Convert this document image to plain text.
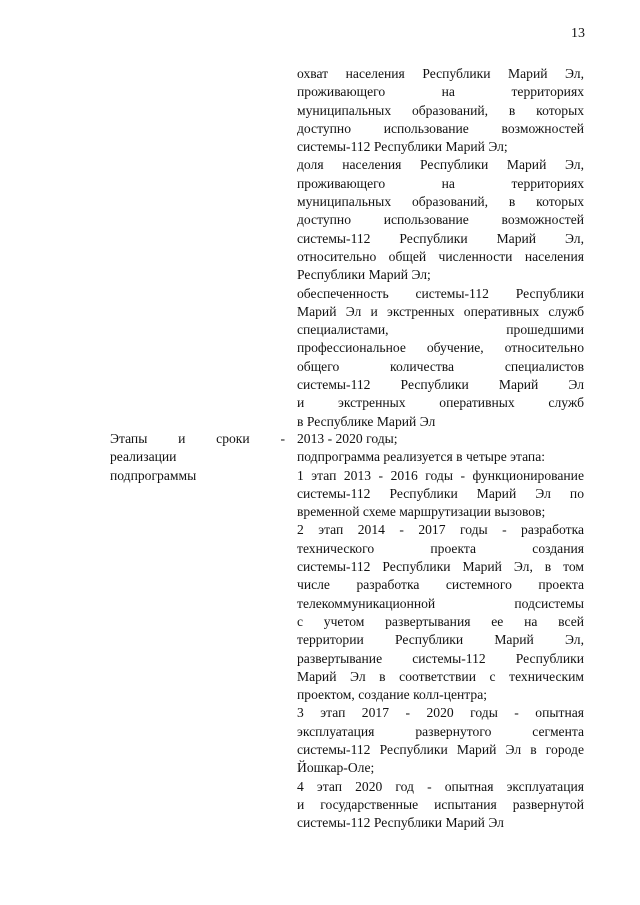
13
охват населения Республики Марий Эл,
проживающего на территориях
муниципальных образований, в которых
доступно использование возможностей
системы-112 Республики Марий Эл;
доля населения Республики Марий Эл,
проживающего на территориях
муниципальных образований, в которых
доступно использование возможностей
системы-112 Республики Марий Эл,
относительно общей численности населения
Республики Марий Эл;
обеспеченность системы-112 Республики
Марий Эл и экстренных оперативных служб
специалистами, прошедшими
профессиональное обучение, относительно
общего количества специалистов
системы-112 Республики Марий Эл
и экстренных оперативных служб
в Республике Марий Эл
Этапы и сроки -
реализации
подпрограммы
2013 - 2020 годы;
подпрограмма реализуется в четыре этапа:
1 этап 2013 - 2016 годы - функционирование
системы-112 Республики Марий Эл по
временной схеме маршрутизации вызовов;
2 этап 2014 - 2017 годы - разработка
технического проекта создания
системы-112 Республики Марий Эл, в том
числе разработка системного проекта
телекоммуникационной подсистемы
с учетом развертывания ее на всей
территории Республики Марий Эл,
развертывание системы-112 Республики
Марий Эл в соответствии с техническим
проектом, создание колл-центра;
3 этап 2017 - 2020 годы - опытная
эксплуатация развернутого сегмента
системы-112 Республики Марий Эл в городе
Йошкар-Оле;
4 этап 2020 год - опытная эксплуатация
и государственные испытания развернутой
системы-112 Республики Марий Эл
